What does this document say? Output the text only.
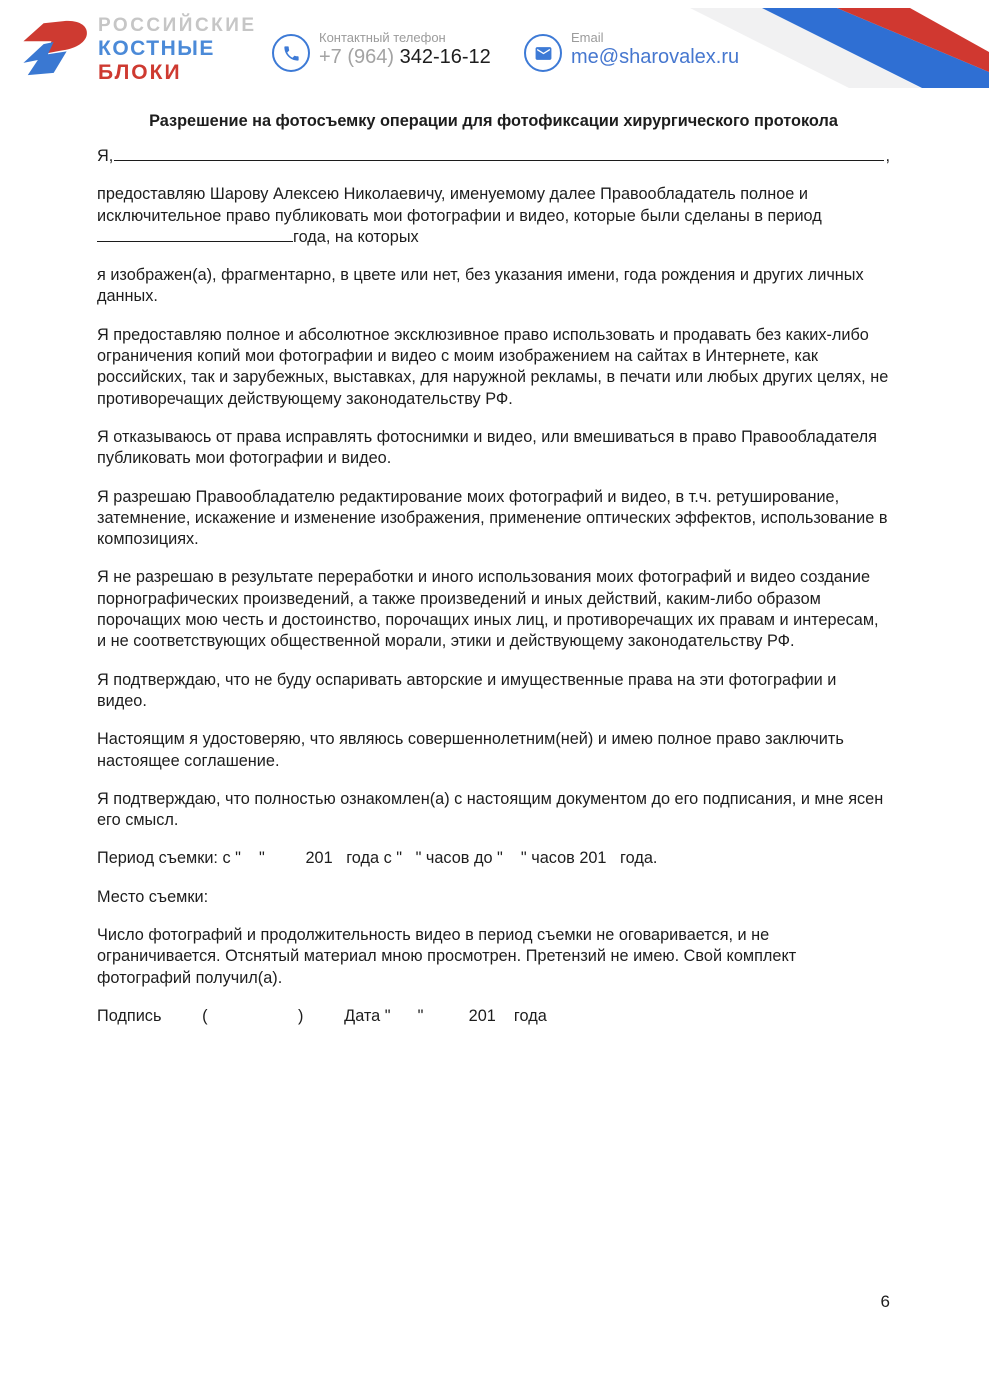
РОССИЙСКИЕ
КОСТНЫЕ
БЛОКИ
Контактный телефон
+7 (964) 342-16-12
Email
me@sharovalex.ru
Разрешение на фотосъемку операции для фотофиксации хирургического протокола
Я,	,

предоставляю Шарову Алексею Николаевичу, именуемому далее Правообладатель полное и исключительное право публиковать мои фотографии и видео, которые были сделаны в период года, на которых

я изображен(а), фрагментарно, в цвете или нет, без указания имени, года рождения и других личных данных.

Я предоставляю полное и абсолютное эксклюзивное право использовать и продавать без каких-либо ограничения копий мои фотографии и видео с моим изображением на сайтах в Интернете, как российских, так и зарубежных, выставках, для наружной рекламы, в печати или любых других целях, не противоречащих действующему законодательству РФ.

Я отказываюсь от права исправлять фотоснимки и видео, или вмешиваться в право Правообладателя публиковать мои фотографии и видео.

Я разрешаю Правообладателю редактирование моих фотографий и видео, в т.ч. ретуширование, затемнение, искажение и изменение изображения, применение оптических эффектов, использование в композициях.

Я не разрешаю в результате переработки и иного использования моих фотографий и видео создание порнографических произведений, а также произведений и иных действий, каким-либо образом порочащих мою честь и достоинство, порочащих иных лиц, и противоречащих их правам и интересам, и не соответствующих общественной морали, этики и действующему законодательству РФ.

Я подтверждаю, что не буду оспаривать авторские и имущественные права на эти фотографии и видео.

Настоящим я удостоверяю, что являюсь совершеннолетним(ней) и имею полное право заключить настоящее соглашение.

Я подтверждаю, что полностью ознакомлен(а) с настоящим документом до его подписания, и мне ясен его смысл.

Период съемки: с "    "         201   года с "   " часов до "    " часов 201   года.

Место съемки:

Число фотографий и продолжительность видео в период съемки не оговаривается, и не ограничивается. Отснятый материал мною просмотрен. Претензий не имею. Свой комплект фотографий получил(а).

Подпись         (                    )         Дата "      "          201    года

6
